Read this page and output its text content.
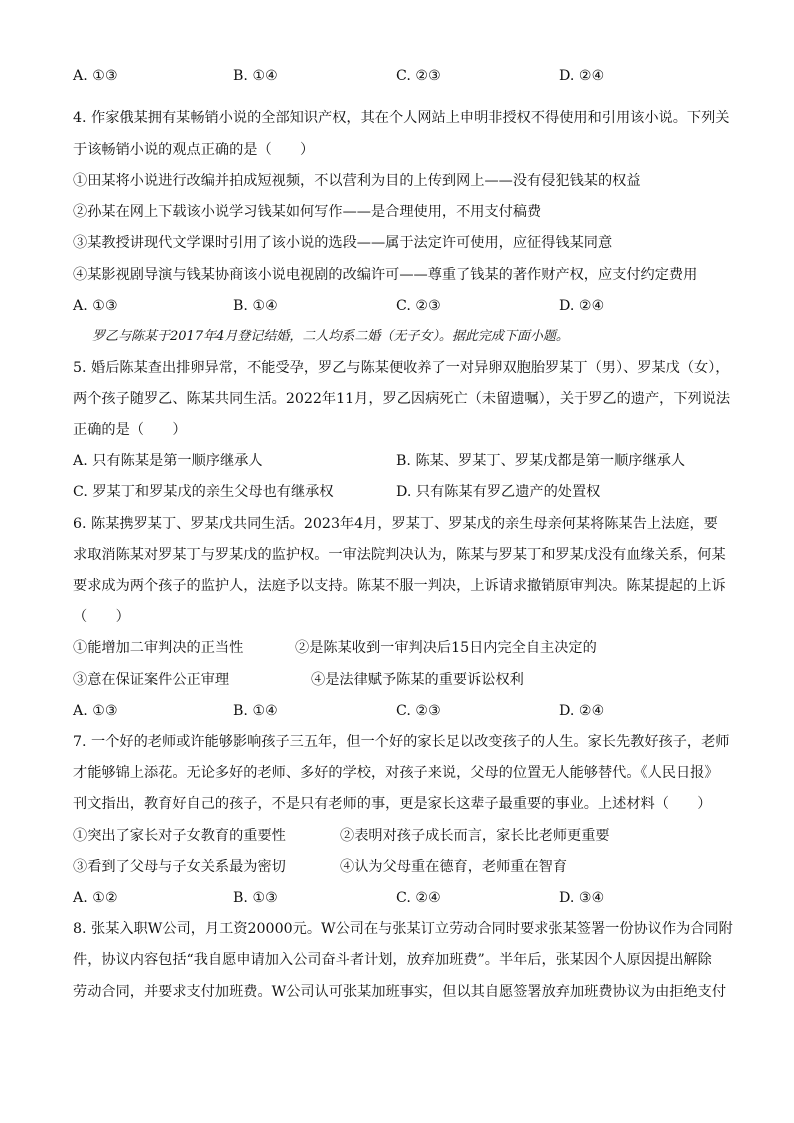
A. ①③	B. ①④	C. ②③	D. ②④
4. 作家俄某拥有某畅销小说的全部知识产权，其在个人网站上申明非授权不得使用和引用该小说。下列关
于该畅销小说的观点正确的是（　　）
①田某将小说进行改编并拍成短视频，不以营利为目的上传到网上——没有侵犯钱某的权益
②孙某在网上下载该小说学习钱某如何写作——是合理使用，不用支付稿费
③某教授讲现代文学课时引用了该小说的选段——属于法定许可使用，应征得钱某同意
④某影视剧导演与钱某协商该小说电视剧的改编许可——尊重了钱某的著作财产权，应支付约定费用
A. ①③	B. ①④	C. ②③	D. ②④
罗乙与陈某于2017年4月登记结婚，二人均系二婚（无子女）。据此完成下面小题。
5. 婚后陈某查出排卵异常，不能受孕，罗乙与陈某便收养了一对异卵双胞胎罗某丁（男）、罗某戊（女），
两个孩子随罗乙、陈某共同生活。2022年11月，罗乙因病死亡（未留遗嘱），关于罗乙的遗产，下列说法
正确的是（　　）
A. 只有陈某是第一顺序继承人	B. 陈某、罗某丁、罗某戊都是第一顺序继承人
C. 罗某丁和罗某戊的亲生父母也有继承权	D. 只有陈某有罗乙遗产的处置权
6. 陈某携罗某丁、罗某戊共同生活。2023年4月，罗某丁、罗某戊的亲生母亲何某将陈某告上法庭，要
求取消陈某对罗某丁与罗某戊的监护权。一审法院判决认为，陈某与罗某丁和罗某戊没有血缘关系，何某
要求成为两个孩子的监护人，法庭予以支持。陈某不服一判决，上诉请求撤销原审判决。陈某提起的上诉
（　　）
①能增加二审判决的正当性	②是陈某收到一审判决后15日内完全自主决定的
③意在保证案件公正审理	④是法律赋予陈某的重要诉讼权利
A. ①③	B. ①④	C. ②③	D. ②④
7. 一个好的老师或许能够影响孩子三五年，但一个好的家长足以改变孩子的人生。家长先教好孩子，老师
才能够锦上添花。无论多好的老师、多好的学校，对孩子来说，父母的位置无人能够替代。《人民日报》
刊文指出，教育好自己的孩子，不是只有老师的事，更是家长这辈子最重要的事业。上述材料（　　）
①突出了家长对子女教育的重要性	②表明对孩子成长而言，家长比老师更重要
③看到了父母与子女关系最为密切	④认为父母重在德育，老师重在智育
A. ①②	B. ①③	C. ②④	D. ③④
8. 张某入职W公司，月工资20000元。W公司在与张某订立劳动合同时要求张某签署一份协议作为合同附
件，协议内容包括“我自愿申请加入公司奋斗者计划，放弃加班费”。半年后，张某因个人原因提出解除
劳动合同，并要求支付加班费。W公司认可张某加班事实，但以其自愿签署放弃加班费协议为由拒绝支付
